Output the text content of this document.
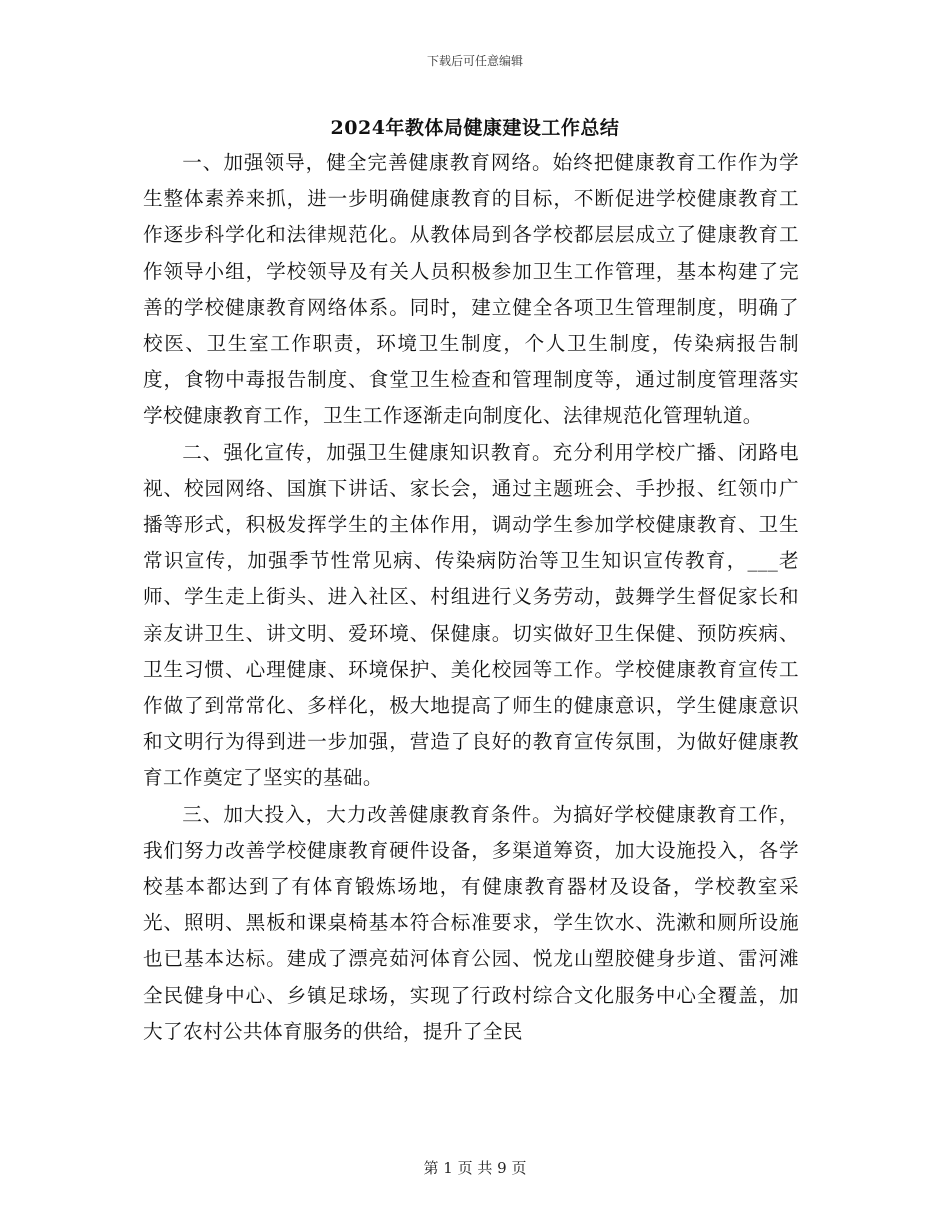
下载后可任意编辑
2024年教体局健康建设工作总结

一、加强领导，健全完善健康教育网络。始终把健康教育工作作为学生整体素养来抓，进一步明确健康教育的目标，不断促进学校健康教育工作逐步科学化和法律规范化。从教体局到各学校都层层成立了健康教育工作领导小组，学校领导及有关人员积极参加卫生工作管理，基本构建了完善的学校健康教育网络体系。同时，建立健全各项卫生管理制度，明确了校医、卫生室工作职责，环境卫生制度，个人卫生制度，传染病报告制度，食物中毒报告制度、食堂卫生检查和管理制度等，通过制度管理落实学校健康教育工作，卫生工作逐渐走向制度化、法律规范化管理轨道。

二、强化宣传，加强卫生健康知识教育。充分利用学校广播、闭路电视、校园网络、国旗下讲话、家长会，通过主题班会、手抄报、红领巾广播等形式，积极发挥学生的主体作用，调动学生参加学校健康教育、卫生常识宣传，加强季节性常见病、传染病防治等卫生知识宣传教育，___老师、学生走上街头、进入社区、村组进行义务劳动，鼓舞学生督促家长和亲友讲卫生、讲文明、爱环境、保健康。切实做好卫生保健、预防疾病、卫生习惯、心理健康、环境保护、美化校园等工作。学校健康教育宣传工作做了到常常化、多样化，极大地提高了师生的健康意识，学生健康意识和文明行为得到进一步加强，营造了良好的教育宣传氛围，为做好健康教育工作奠定了坚实的基础。

三、加大投入，大力改善健康教育条件。为搞好学校健康教育工作，我们努力改善学校健康教育硬件设备，多渠道筹资，加大设施投入，各学校基本都达到了有体育锻炼场地，有健康教育器材及设备，学校教室采光、照明、黑板和课桌椅基本符合标准要求，学生饮水、洗漱和厕所设施也已基本达标。建成了漂亮茹河体育公园、悦龙山塑胶健身步道、雷河滩全民健身中心、乡镇足球场，实现了行政村综合文化服务中心全覆盖，加大了农村公共体育服务的供给，提升了全民

第 1 页 共 9 页
